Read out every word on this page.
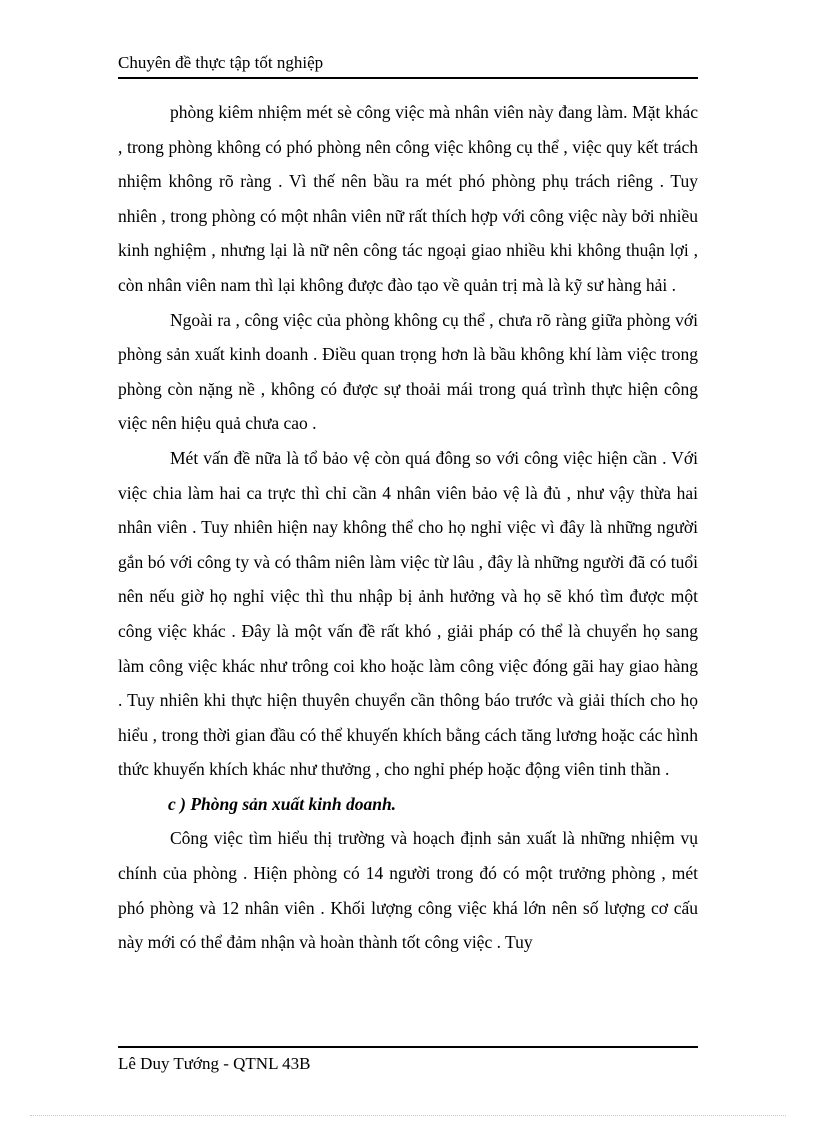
Chuyên đề thực tập tốt nghiệp

phòng kiêm nhiệm mét sè công việc mà nhân viên này đang làm. Mặt khác , trong phòng không có phó phòng nên công việc không cụ thể , việc quy kết trách nhiệm không rõ ràng . Vì thế nên bầu ra mét phó phòng phụ trách riêng . Tuy nhiên , trong phòng có một nhân viên nữ rất thích hợp với công việc này bởi nhiều kinh nghiệm , nhưng lại là nữ nên công tác ngoại giao nhiều khi không thuận lợi , còn nhân viên nam thì lại không được đào tạo về quản trị mà là kỹ sư hàng hải .

Ngoài ra , công việc của phòng không cụ thể , chưa rõ ràng giữa phòng với phòng sản xuất kinh doanh . Điều quan trọng hơn là bầu không khí làm việc trong phòng còn nặng nề , không có được sự thoải mái trong quá trình thực hiện công việc nên hiệu quả chưa cao .

Mét vấn đề nữa là tổ bảo vệ còn quá đông so với công việc hiện cần . Với việc chia làm hai ca trực thì chỉ cần 4 nhân viên bảo vệ là đủ , như vậy thừa hai nhân viên . Tuy nhiên hiện nay không thể cho họ nghỉ việc vì đây là những người gắn bó với công ty và có thâm niên làm việc từ lâu , đây là những người đã có tuổi nên nếu giờ họ nghỉ việc thì thu nhập bị ảnh hưởng và họ sẽ khó tìm được một công việc khác . Đây là một vấn đề rất khó , giải pháp có thể là chuyển họ sang làm công việc khác như trông coi kho hoặc làm công việc đóng gãi hay giao hàng . Tuy nhiên khi thực hiện thuyên chuyển cần thông báo trước và giải thích cho họ hiểu , trong thời gian đầu có thể khuyến khích bằng cách tăng lương hoặc các hình thức khuyến khích khác như thưởng , cho nghỉ phép hoặc động viên tinh thần .

c ) Phòng sản xuất kinh doanh.

Công việc tìm hiểu thị trường và hoạch định sản xuất là những nhiệm vụ chính của phòng . Hiện phòng có 14 người trong đó có một trưởng phòng , mét phó phòng và 12 nhân viên . Khối lượng công việc khá lớn nên số lượng cơ cấu này mới có thể đảm nhận và hoàn thành tốt công việc . Tuy

Lê Duy Tướng - QTNL 43B
